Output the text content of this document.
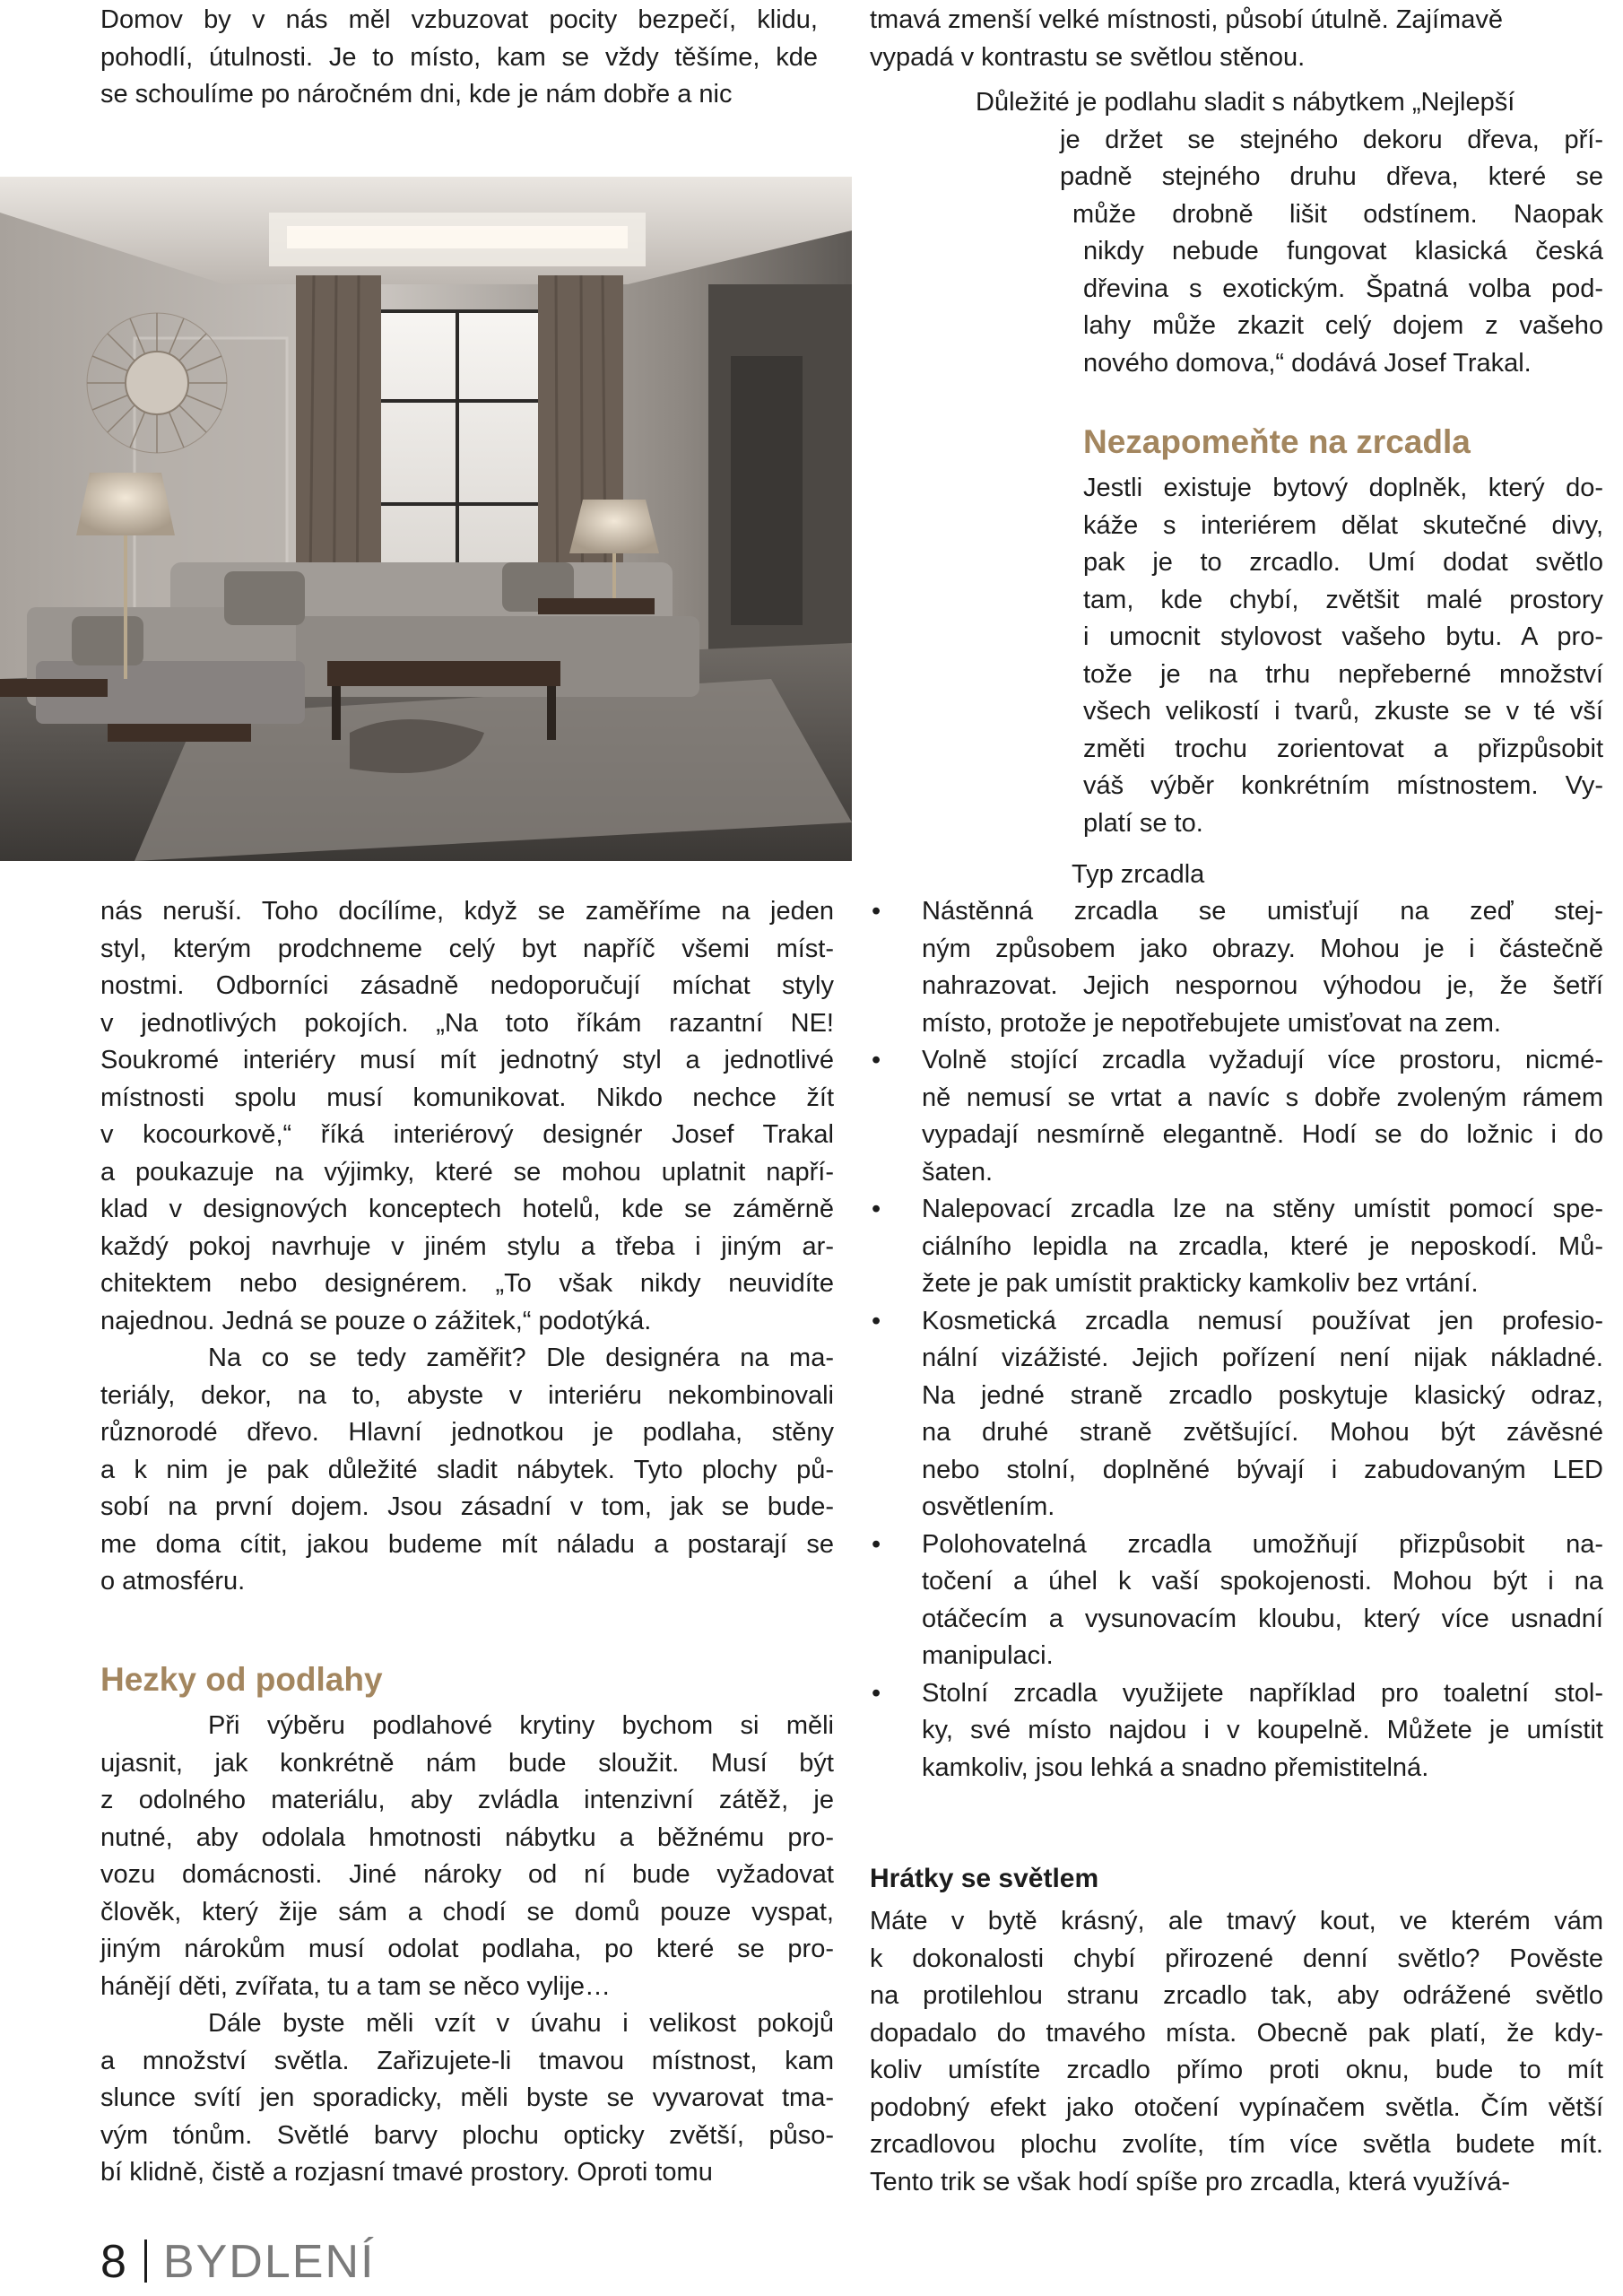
Domov by v nás měl vzbuzovat pocity bezpečí, klidu,
pohodlí, útulnosti. Je to místo, kam se vždy těšíme, kde
se schoulíme po náročném dni, kde je nám dobře a nic
tmavá zmenší velké místnosti, působí útulně. Zajímavě
vypadá v kontrastu se světlou stěnou.
Důležité je podlahu sladit s nábytkem „Nejlepší
je držet se stejného dekoru dřeva, pří-
padně stejného druhu dřeva, které se
může drobně lišit odstínem. Naopak
nikdy nebude fungovat klasická česká
dřevina s exotickým. Špatná volba pod-
lahy může zkazit celý dojem z vašeho
nového domova,“ dodává Josef Trakal.
Nezapomeňte na zrcadla
Jestli existuje bytový doplněk, který do-
káže s interiérem dělat skutečné divy,
pak je to zrcadlo. Umí dodat světlo
tam, kde chybí, zvětšit malé prostory
i umocnit stylovost vašeho bytu. A pro-
tože je na trhu nepřeberné množství
všech velikostí i tvarů, zkuste se v té vší
změti trochu zorientovat a přizpůsobit
váš výběr konkrétním místnostem. Vy-
platí se to.
Typ zrcadla
• Nástěnná zrcadla se umisťují na zeď stej-
ným způsobem jako obrazy. Mohou je i částečně
nahrazovat. Jejich nespornou výhodou je, že šetří
místo, protože je nepotřebujete umisťovat na zem.
• Volně stojící zrcadla vyžadují více prostoru, nicmé-
ně nemusí se vrtat a navíc s dobře zvoleným rámem
vypadají nesmírně elegantně. Hodí se do ložnic i do
šaten.
• Nalepovací zrcadla lze na stěny umístit pomocí spe-
ciálního lepidla na zrcadla, které je neposkodí. Mů-
žete je pak umístit prakticky kamkoliv bez vrtání.
• Kosmetická zrcadla nemusí používat jen profesio-
nální vizážisté. Jejich pořízení není nijak nákladné.
Na jedné straně zrcadlo poskytuje klasický odraz,
na druhé straně zvětšující. Mohou být závěsné
nebo stolní, doplněné bývají i zabudovaným LED
osvětlením.
• Polohovatelná zrcadla umožňují přizpůsobit na-
točení a úhel k vaší spokojenosti. Mohou být i na
otáčecím a vysunovacím kloubu, který více usnadní
manipulaci.
• Stolní zrcadla využijete například pro toaletní stol-
ky, své místo najdou i v koupelně. Můžete je umístit
kamkoliv, jsou lehká a snadno přemistitelná.
Hrátky se světlem
Máte v bytě krásný, ale tmavý kout, ve kterém vám
k dokonalosti chybí přirozené denní světlo? Pověste
na protilehlou stranu zrcadlo tak, aby odrážené světlo
dopadalo do tmavého místa. Obecně pak platí, že kdy-
koliv umístíte zrcadlo přímo proti oknu, bude to mít
podobný efekt jako otočení vypínačem světla. Čím větší
zrcadlovou plochu zvolíte, tím více světla budete mít.
Tento trik se však hodí spíše pro zrcadla, která využívá-
nás neruší. Toho docílíme, když se zaměříme na jeden
styl, kterým prodchneme celý byt napříč všemi míst-
nostmi. Odborníci zásadně nedoporučují míchat styly
v jednotlivých pokojích. „Na toto říkám razantní NE!
Soukromé interiéry musí mít jednotný styl a jednotlivé
místnosti spolu musí komunikovat. Nikdo nechce žít
v kocourkově,“ říká interiérový designér Josef Trakal
a poukazuje na výjimky, které se mohou uplatnit napří-
klad v designových konceptech hotelů, kde se záměrně
každý pokoj navrhuje v jiném stylu a třeba i jiným ar-
chitektem nebo designérem. „To však nikdy neuvidíte
najednou. Jedná se pouze o zážitek,“ podotýká.
Na co se tedy zaměřit? Dle designéra na ma-
teriály, dekor, na to, abyste v interiéru nekombinovali
různorodé dřevo. Hlavní jednotkou je podlaha, stěny
a k nim je pak důležité sladit nábytek. Tyto plochy pů-
sobí na první dojem. Jsou zásadní v tom, jak se bude-
me doma cítit, jakou budeme mít náladu a postarají se
o atmosféru.
Hezky od podlahy
Při výběru podlahové krytiny bychom si měli
ujasnit, jak konkrétně nám bude sloužit. Musí být
z odolného materiálu, aby zvládla intenzivní zátěž, je
nutné, aby odolala hmotnosti nábytku a běžnému pro-
vozu domácnosti. Jiné nároky od ní bude vyžadovat
člověk, který žije sám a chodí se domů pouze vyspat,
jiným nárokům musí odolat podlaha, po které se pro-
hánějí děti, zvířata, tu a tam se něco vylije…
Dále byste měli vzít v úvahu i velikost pokojů
a množství světla. Zařizujete-li tmavou místnost, kam
slunce svítí jen sporadicky, měli byste se vyvarovat tma-
vým tónům. Světlé barvy plochu opticky zvětší, půso-
bí klidně, čistě a rozjasní tmavé prostory. Oproti tomu
8 BYDLENÍ
